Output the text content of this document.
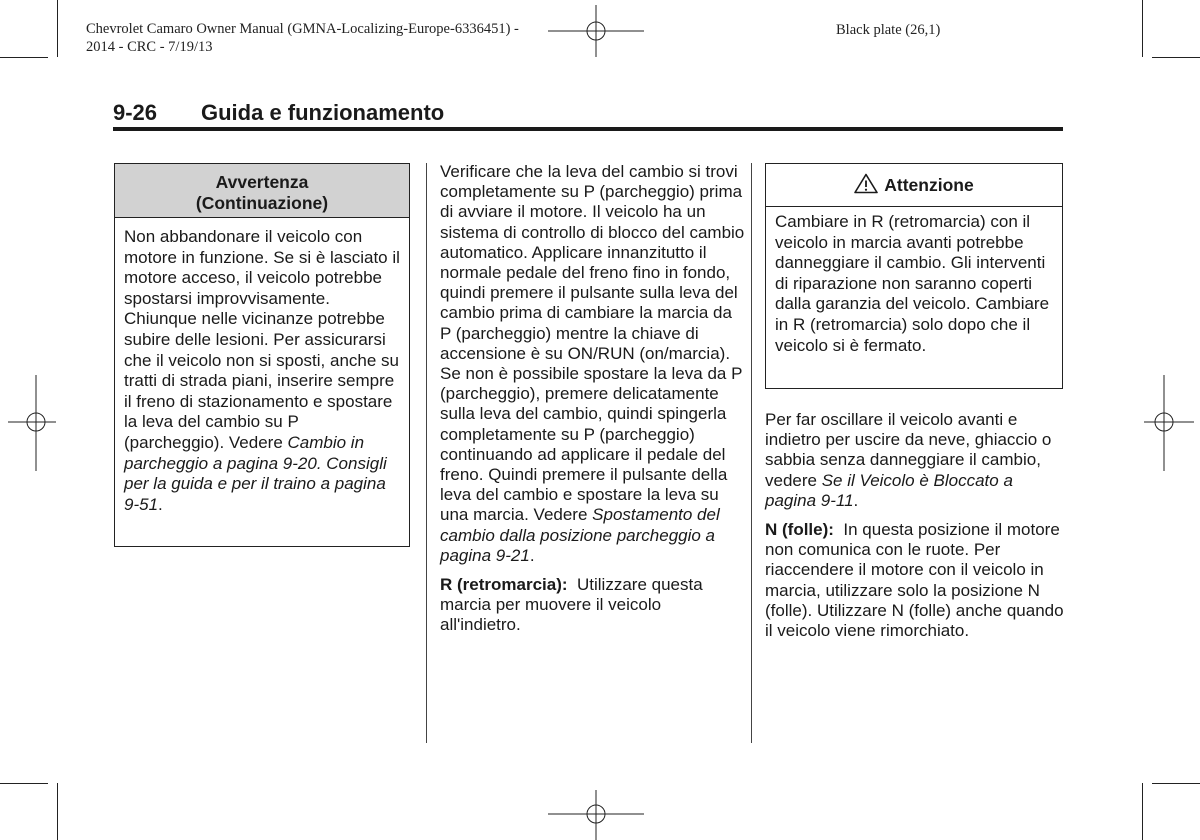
Chevrolet Camaro Owner Manual (GMNA-Localizing-Europe-6336451) -
2014 - CRC - 7/19/13
Black plate (26,1)
9-26 Guida e funzionamento
Avvertenza
(Continuazione)
Non abbandonare il veicolo con motore in funzione. Se si è lasciato il motore acceso, il veicolo potrebbe spostarsi improvvisamente. Chiunque nelle vicinanze potrebbe subire delle lesioni. Per assicurarsi che il veicolo non si sposti, anche su tratti di strada piani, inserire sempre il freno di stazionamento e spostare la leva del cambio su P (parcheggio). Vedere Cambio in parcheggio a pagina 9-20. Consigli per la guida e per il traino a pagina 9-51.

Verificare che la leva del cambio si trovi completamente su P (parcheggio) prima di avviare il motore. Il veicolo ha un sistema di controllo di blocco del cambio automatico. Applicare innanzitutto il normale pedale del freno fino in fondo, quindi premere il pulsante sulla leva del cambio prima di cambiare la marcia da P (parcheggio) mentre la chiave di accensione è su ON/RUN (on/marcia). Se non è possibile spostare la leva da P (parcheggio), premere delicatamente sulla leva del cambio, quindi spingerla completamente su P (parcheggio) continuando ad applicare il pedale del freno. Quindi premere il pulsante della leva del cambio e spostare la leva su una marcia. Vedere Spostamento del cambio dalla posizione parcheggio a pagina 9-21.

R (retromarcia): Utilizzare questa marcia per muovere il veicolo all'indietro.

Attenzione
Cambiare in R (retromarcia) con il veicolo in marcia avanti potrebbe danneggiare il cambio. Gli interventi di riparazione non saranno coperti dalla garanzia del veicolo. Cambiare in R (retromarcia) solo dopo che il veicolo si è fermato.

Per far oscillare il veicolo avanti e indietro per uscire da neve, ghiaccio o sabbia senza danneggiare il cambio, vedere Se il Veicolo è Bloccato a pagina 9-11.

N (folle): In questa posizione il motore non comunica con le ruote. Per riaccendere il motore con il veicolo in marcia, utilizzare solo la posizione N (folle). Utilizzare N (folle) anche quando il veicolo viene rimorchiato.
